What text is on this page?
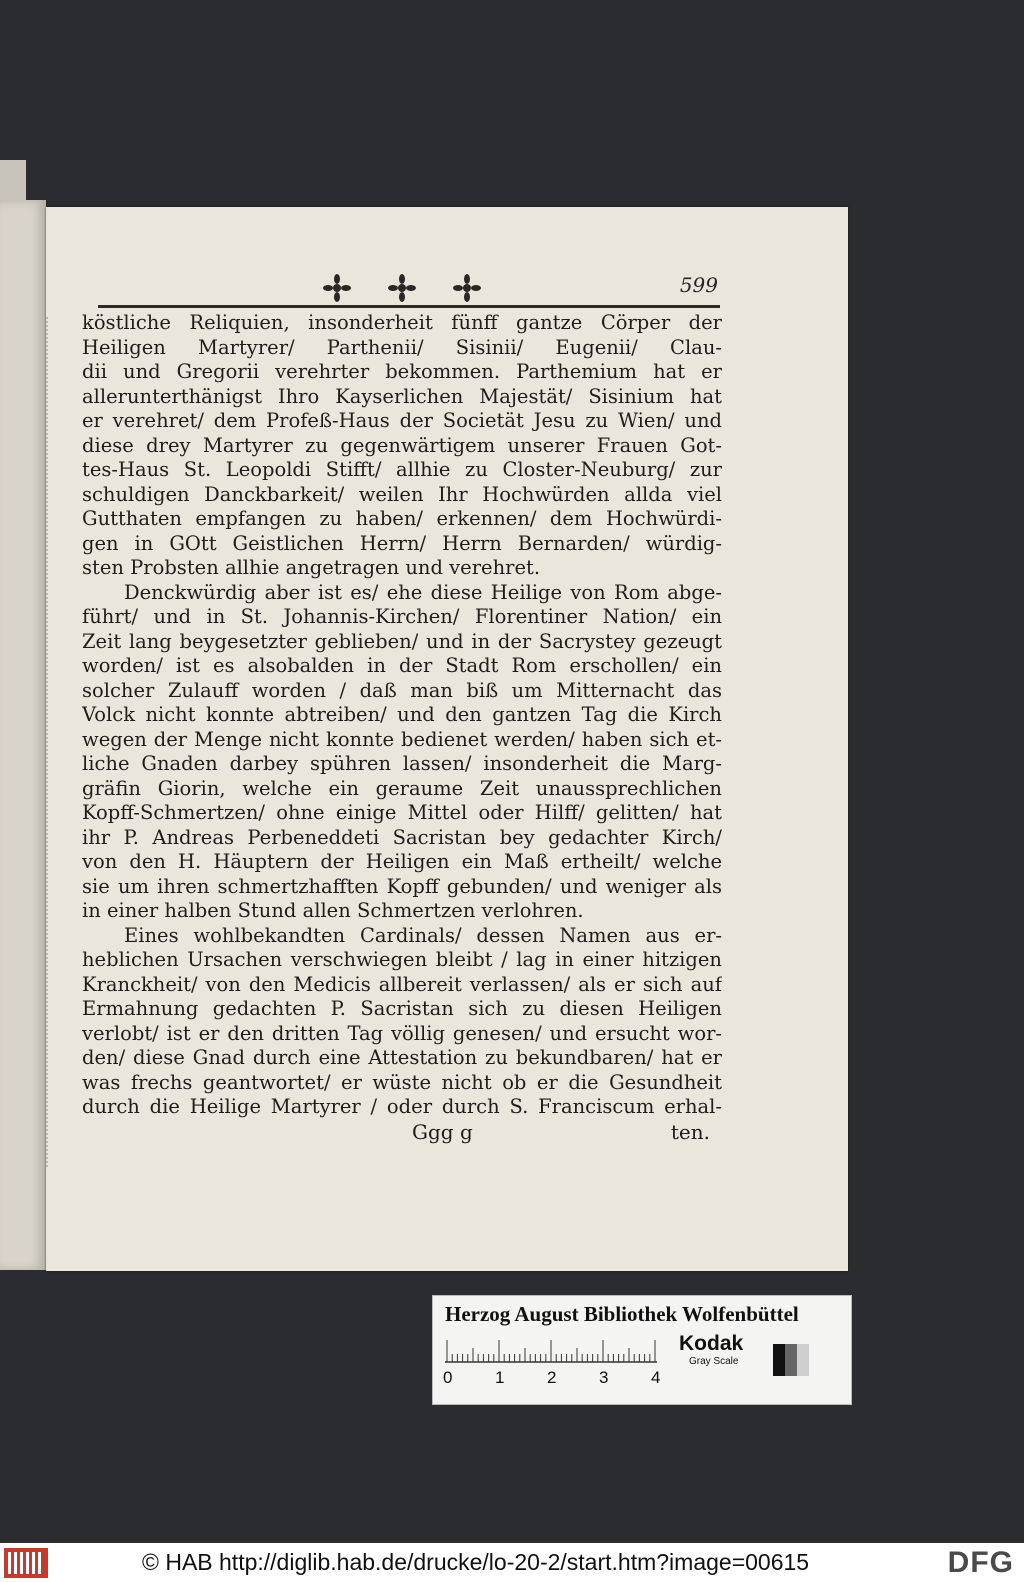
599
köstliche Reliquien, insonderheit fünff gantze Cörper der
Heiligen Martyrer/ Parthenii/ Sisinii/ Eugenii/ Clau-
dii und Gregorii verehrter bekommen. Parthemium hat er
allerunterthänigst Ihro Kayserlichen Majestät/ Sisinium hat
er verehret/ dem Profeß-Haus der Societät Jesu zu Wien/ und
diese drey Martyrer zu gegenwärtigem unserer Frauen Got-
tes-Haus St. Leopoldi Stifft/ allhie zu Closter-Neuburg/ zur
schuldigen Danckbarkeit/ weilen Ihr Hochwürden allda viel
Gutthaten empfangen zu haben/ erkennen/ dem Hochwürdi-
gen in GOtt Geistlichen Herrn/ Herrn Bernarden/ würdig-
sten Probsten allhie angetragen und verehret.
Denckwürdig aber ist es/ ehe diese Heilige von Rom abge-
führt/ und in St. Johannis-Kirchen/ Florentiner Nation/ ein
Zeit lang beygesetzter geblieben/ und in der Sacrystey gezeugt
worden/ ist es alsobalden in der Stadt Rom erschollen/ ein
solcher Zulauff worden / daß man biß um Mitternacht das
Volck nicht konnte abtreiben/ und den gantzen Tag die Kirch
wegen der Menge nicht konnte bedienet werden/ haben sich et-
liche Gnaden darbey spühren lassen/ insonderheit die Marg-
gräfin Giorin, welche ein geraume Zeit unaussprechlichen
Kopff-Schmertzen/ ohne einige Mittel oder Hilff/ gelitten/ hat
ihr P. Andreas Perbeneddeti Sacristan bey gedachter Kirch/
von den H. Häuptern der Heiligen ein Maß ertheilt/ welche
sie um ihren schmertzhafften Kopff gebunden/ und weniger als
in einer halben Stund allen Schmertzen verlohren.
Eines wohlbekandten Cardinals/ dessen Namen aus er-
heblichen Ursachen verschwiegen bleibt / lag in einer hitzigen
Kranckheit/ von den Medicis allbereit verlassen/ als er sich auf
Ermahnung gedachten P. Sacristan sich zu diesen Heiligen
verlobt/ ist er den dritten Tag völlig genesen/ und ersucht wor-
den/ diese Gnad durch eine Attestation zu bekundbaren/ hat er
was frechs geantwortet/ er wüste nicht ob er die Gesundheit
durch die Heilige Martyrer / oder durch S. Franciscum erhal-
Ggg g	ten.
Herzog August Bibliothek Wolfenbüttel
0	1	2	3	4
Kodak
Gray Scale
© HAB http://diglib.hab.de/drucke/lo-20-2/start.htm?image=00615	DFG
